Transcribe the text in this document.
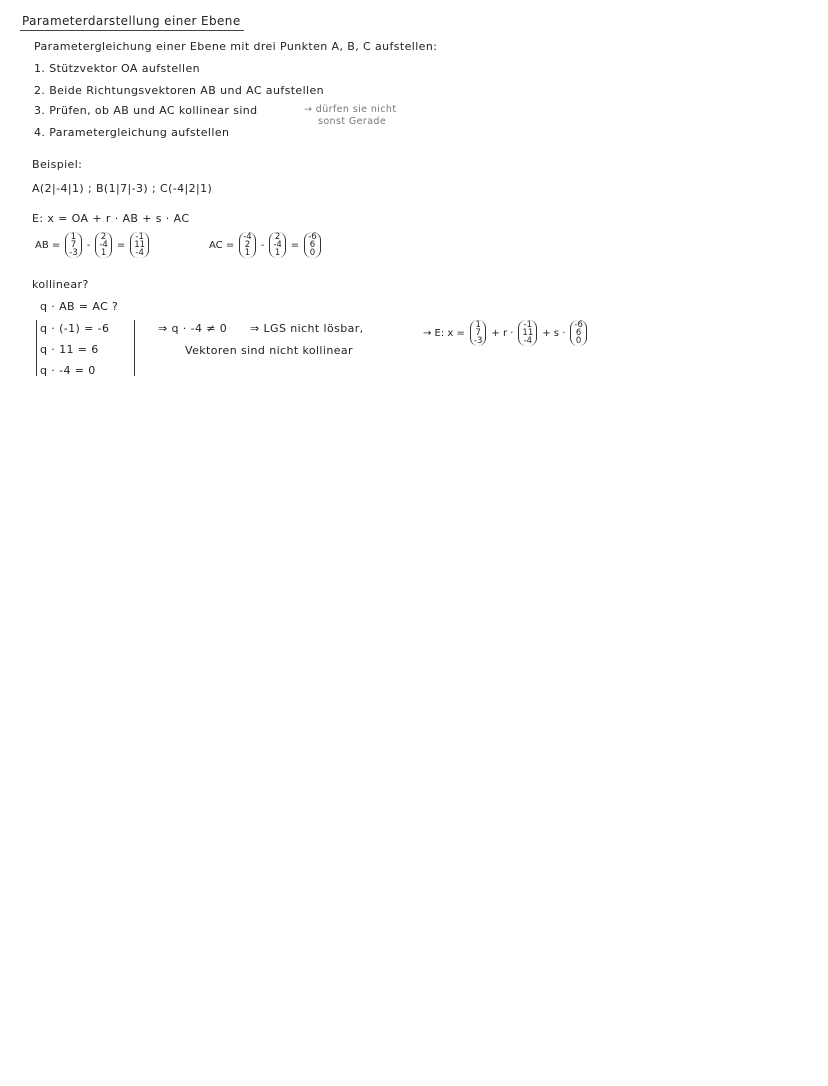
Parameterdarstellung einer Ebene
Parametergleichung einer Ebene mit drei Punkten A, B, C aufstellen:
1. Stützvektor OA aufstellen
2. Beide Richtungsvektoren AB und AC aufstellen
3. Prüfen, ob AB und AC kollinear sind	→ dürfen sie nicht
sonst Gerade
4. Parametergleichung aufstellen
Beispiel:
A(2|-4|1) ; B(1|7|-3) ; C(-4|2|1)
E: x = OA + r · AB + s · AC
AB =
1
7
-3
-
2
-4
1
=
-1
11
-4
AC =
-4
2
1
-
2
-4
1
=
-6
6
0
kollinear?
q · AB = AC ?
q · (-1) = -6
q · 11 = 6
q · -4 = 0
⇒ q · -4 ≠ 0 ⇒ LGS nicht lösbar,
Vektoren sind nicht kollinear
→ E: x =
1
7
-3
+ r ·
-1
11
-4
+ s ·
-6
6
0
